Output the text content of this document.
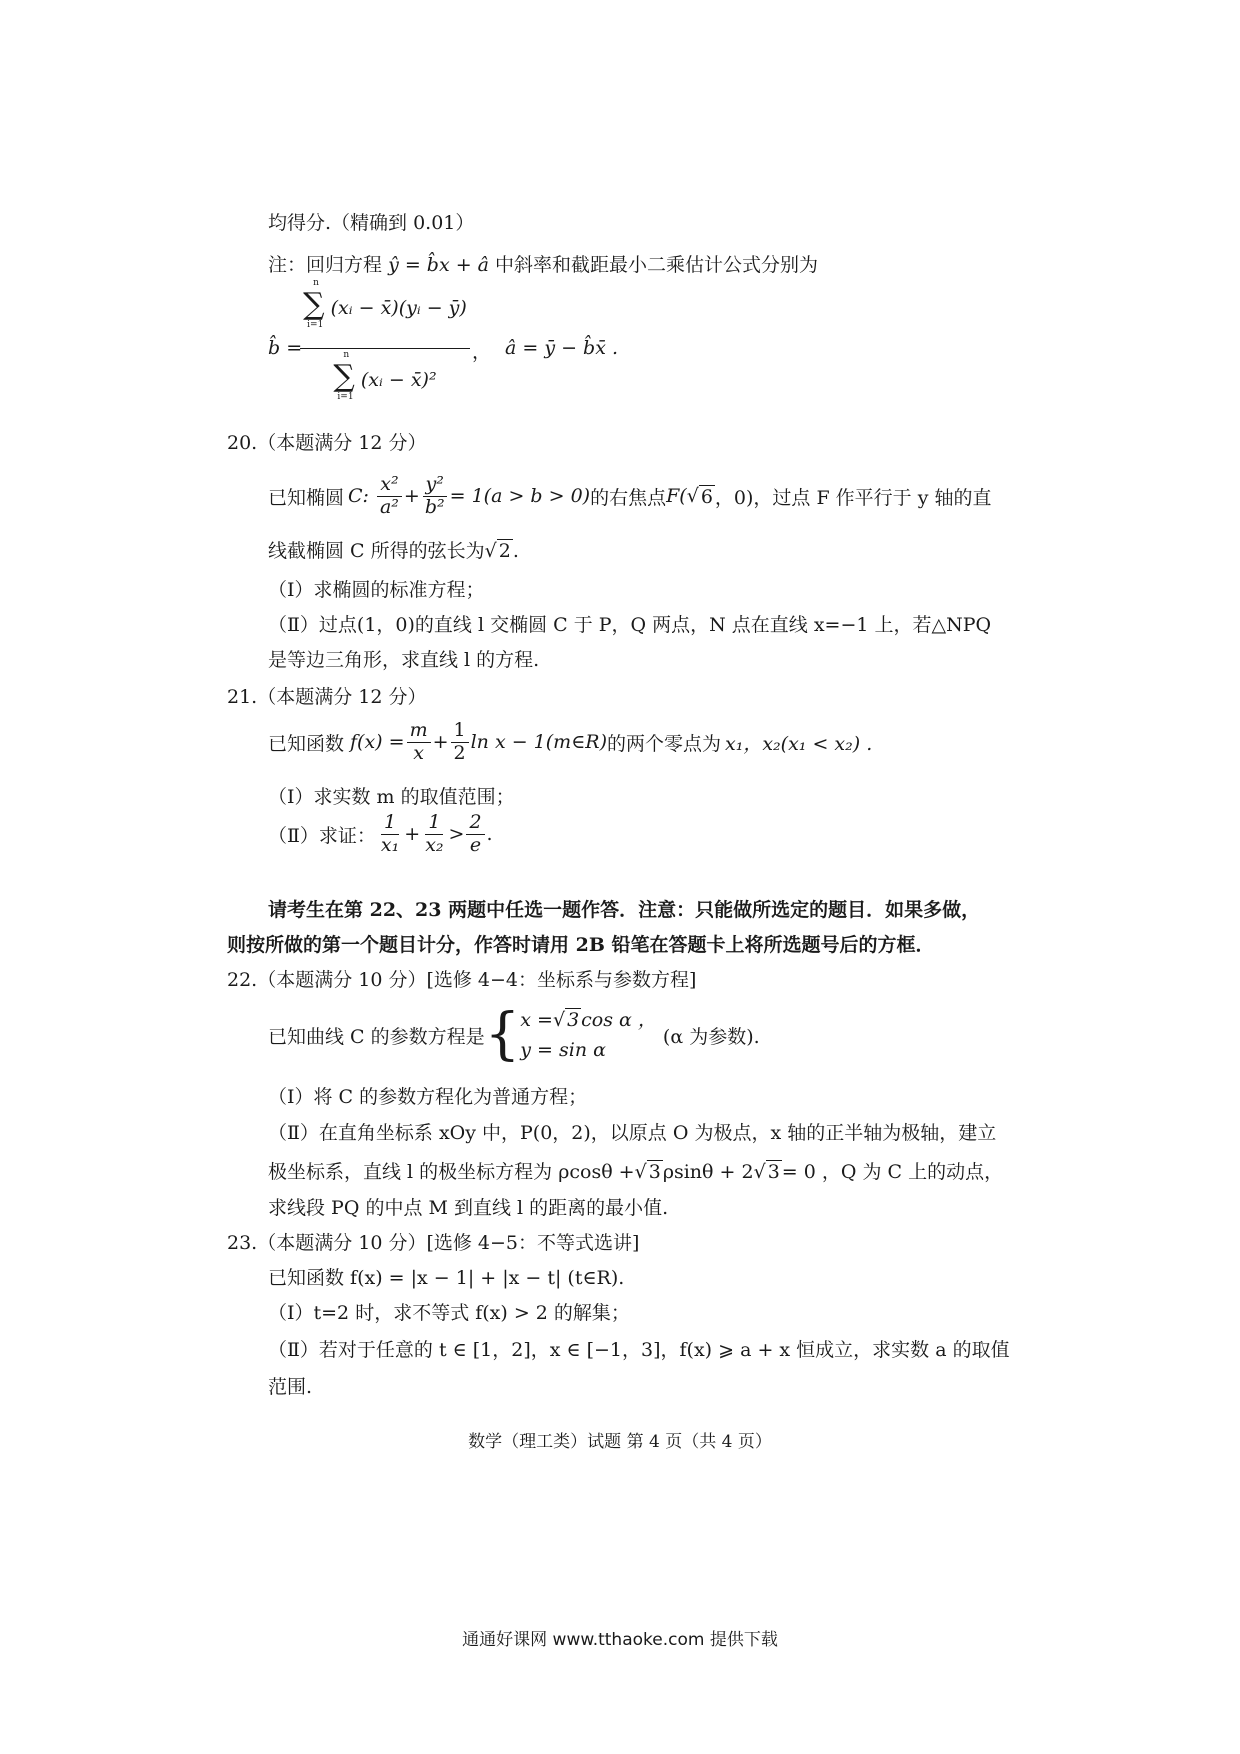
均得分.（精确到 0.01）
注：回归方程 ŷ = b̂x + â 中斜率和截距最小二乘估计公式分别为
b̂ =
n
∑
i=1
(xᵢ − x̄)(yᵢ − ȳ)
n
∑
i=1
(xᵢ − x̄)²
， â = ȳ − b̂x̄ .
20.（本题满分 12 分）
已知椭圆 C: $\frac{\text{x²}}{\text{a²}} + \frac{\text{y²}}{\text{b²}} = 1(a > b > 0)$ 的右焦点 F( √ 6 ，0) ，过点 F 作平行于 y 轴的直
线截椭圆 C 所得的弦长为√ 2 .
（Ⅰ）求椭圆的标准方程；
（Ⅱ）过点(1，0)的直线 l 交椭圆 C 于 P，Q 两点，N 点在直线 x=−1 上，若△NPQ
是等边三角形，求直线 l 的方程.
21.（本题满分 12 分）
已知函数 $f(x) = \frac{m}{x} + \frac{1}{2}$ ln x − 1(m∈R) 的两个零点为 x₁，x₂(x₁ < x₂) .
（Ⅰ）求实数 m 的取值范围；
（Ⅱ）求证： $\frac{1}{\text{x₁}} + \frac{1}{\text{x₂}} > \frac{2}{e}$ .
请考生在第 22、23 两题中任选一题作答．注意：只能做所选定的题目．如果多做，
则按所做的第一个题目计分，作答时请用 2B 铅笔在答题卡上将所选题号后的方框．
22.（本题满分 10 分）[选修 4−4：坐标系与参数方程]
已知曲线 C 的参数方程是 { x =√ 3 cos α ，
y = sin α
(α 为参数).
（Ⅰ）将 C 的参数方程化为普通方程；
（Ⅱ）在直角坐标系 xOy 中，P(0，2)，以原点 O 为极点，x 轴的正半轴为极轴，建立
极坐标系，直线 l 的极坐标方程为 ρcosθ +√ 3 ρsinθ + 2√ 3 = 0 ，Q 为 C 上的动点，
求线段 PQ 的中点 M 到直线 l 的距离的最小值.
23.（本题满分 10 分）[选修 4−5：不等式选讲]
已知函数 f(x) = |x − 1| + |x − t| (t∈R).
（Ⅰ）t=2 时，求不等式 f(x) > 2 的解集；
（Ⅱ）若对于任意的 t ∈ [1，2]，x ∈ [−1，3]，f(x) ⩾ a + x 恒成立，求实数 a 的取值
范围.
数学（理工类）试题 第 4 页（共 4 页）
通通好课网 www.tthaoke.com 提供下载
